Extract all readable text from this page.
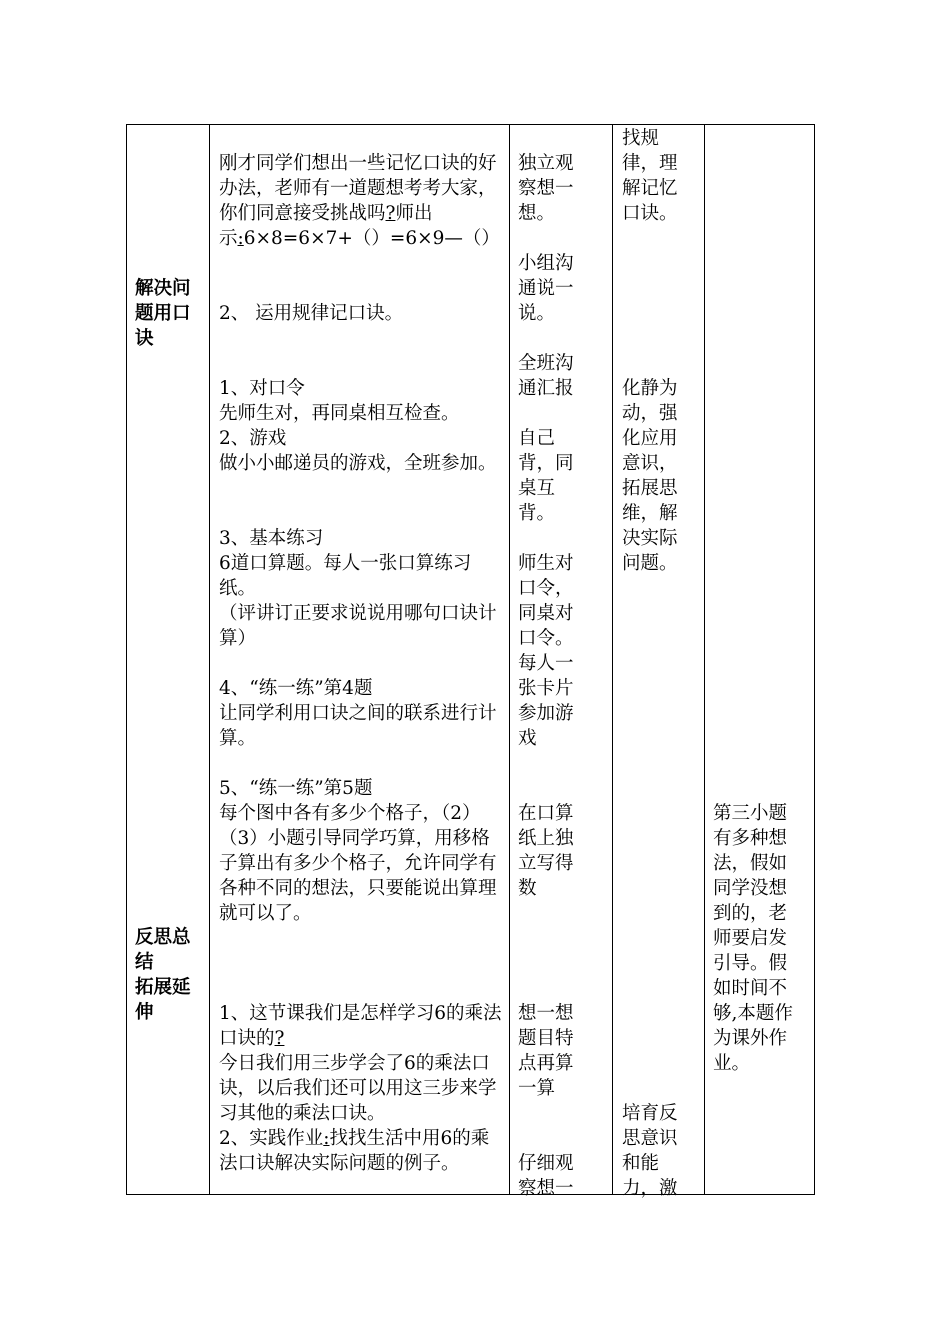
解决问
题用口
诀
反思总
结
拓展延
伸
刚才同学们想出一些记忆口诀的好办法，老师有一道题想考考大家，你们同意接受挑战吗?师出示:6×8=6×7+（）=6×9—（）
2、 运用规律记口诀。
1、对口令
先师生对，再同桌相互检查。
2、游戏
做小小邮递员的游戏，全班参加。
3、基本练习
6道口算题。每人一张口算练习纸。
（评讲订正要求说说用哪句口诀计算）
4、“练一练”第4题
让同学利用口诀之间的联系进行计算。
5、“练一练”第5题
每个图中各有多少个格子，（2）（3）小题引导同学巧算，用移格子算出有多少个格子，允许同学有各种不同的想法，只要能说出算理就可以了。
1、这节课我们是怎样学习6的乘法口诀的?
今日我们用三步学会了6的乘法口诀，以后我们还可以用这三步来学习其他的乘法口诀。
2、实践作业:找找生活中用6的乘法口诀解决实际问题的例子。
独立观
察想一
想。
小组沟
通说一
说。
全班沟
通汇报
自己
背，同
桌互
背。
师生对
口令，
同桌对
口令。
每人一
张卡片
参加游
戏
在口算
纸上独
立写得
数
想一想
题目特
点再算
一算
仔细观
察想一
找规
律，理
解记忆
口诀。
化静为
动，强
化应用
意识，
拓展思
维，解
决实际
问题。
培育反
思意识
和能
力，激
第三小题
有多种想
法，假如
同学没想
到的，老
师要启发
引导。假
如时间不
够,本题作
为课外作
业。
